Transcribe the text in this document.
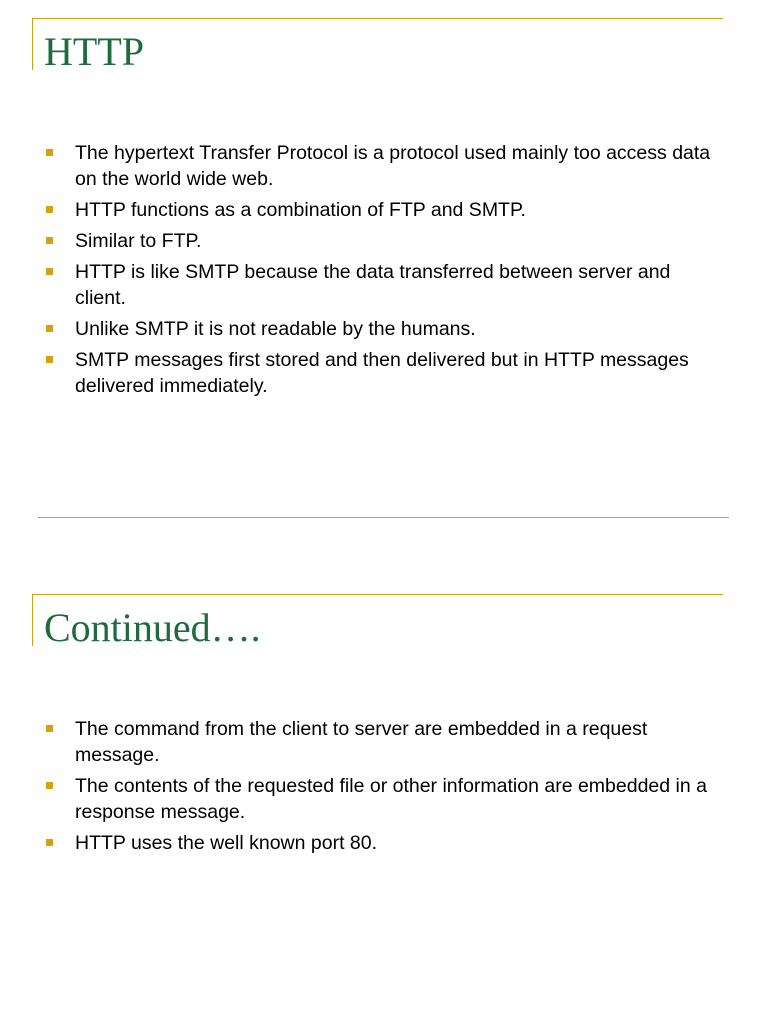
HTTP
The hypertext Transfer Protocol is a protocol used mainly too access data on the world wide web.
HTTP functions as a combination of FTP and SMTP.
Similar to FTP.
HTTP is like SMTP because the data transferred between server and client.
Unlike SMTP it is not readable by the humans.
SMTP messages first stored and then delivered but in HTTP messages delivered immediately.
Continued….
The command from the client to server are embedded in a request message.
The contents of the requested file or other information are embedded in a response message.
HTTP uses the well known port 80.
